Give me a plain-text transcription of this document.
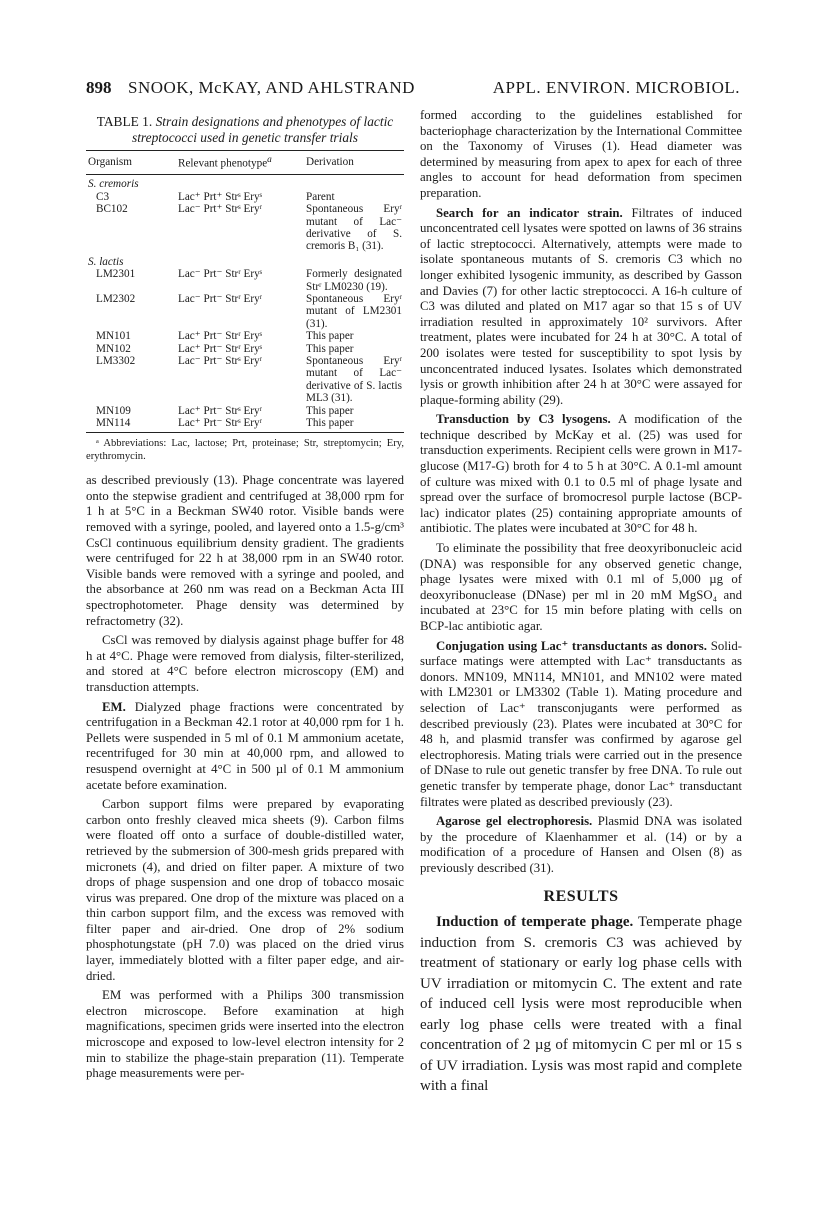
898 SNOOK, McKAY, AND AHLSTRAND	APPL. ENVIRON. MICROBIOL.
TABLE 1. Strain designations and phenotypes of lactic streptococci used in genetic transfer trials
Organism	Relevant phenotype$^a$	Derivation
S. cremoris		
C3	Lac⁺ Prt⁺ Strˢ Eryˢ	Parent
BC102	Lac⁻ Prt⁺ Strˢ Eryʳ	Spontaneous Eryʳ mutant of Lac⁻ derivative of S. cremoris B₁ (31).
S. lactis		
LM2301	Lac⁻ Prt⁻ Strʳ Eryˢ	Formerly designated Strʳ LM0230 (19).
LM2302	Lac⁻ Prt⁻ Strʳ Eryʳ	Spontaneous Eryʳ mutant of LM2301 (31).
MN101	Lac⁺ Prt⁻ Strʳ Eryˢ	This paper
MN102	Lac⁺ Prt⁻ Strʳ Eryˢ	This paper
LM3302	Lac⁻ Prt⁻ Strˢ Eryʳ	Spontaneous Eryʳ mutant of Lac⁻ derivative of S. lactis ML3 (31).
MN109	Lac⁺ Prt⁻ Strˢ Eryʳ	This paper
MN114	Lac⁺ Prt⁻ Strˢ Eryʳ	This paper
ᵃ Abbreviations: Lac, lactose; Prt, proteinase; Str, streptomycin; Ery, erythromycin.

as described previously (13). Phage concentrate was layered onto the stepwise gradient and centrifuged at 38,000 rpm for 1 h at 5°C in a Beckman SW40 rotor. Visible bands were removed with a syringe, pooled, and layered onto a 1.5-g/cm³ CsCl continuous equilibrium density gradient. The gradients were centrifuged for 22 h at 38,000 rpm in an SW40 rotor. Visible bands were removed with a syringe and pooled, and the absorbance at 260 nm was read on a Beckman Acta III spectrophotometer. Phage density was determined by refractometry (32).

CsCl was removed by dialysis against phage buffer for 48 h at 4°C. Phage were removed from dialysis, filter-sterilized, and stored at 4°C before electron microscopy (EM) and transduction attempts.

EM. Dialyzed phage fractions were concentrated by centrifugation in a Beckman 42.1 rotor at 40,000 rpm for 1 h. Pellets were suspended in 5 ml of 0.1 M ammonium acetate, recentrifuged for 30 min at 40,000 rpm, and allowed to resuspend overnight at 4°C in 500 µl of 0.1 M ammonium acetate before examination.

Carbon support films were prepared by evaporating carbon onto freshly cleaved mica sheets (9). Carbon films were floated off onto a surface of double-distilled water, retrieved by the submersion of 300-mesh grids prepared with micronets (4), and dried on filter paper. A mixture of two drops of phage suspension and one drop of tobacco mosaic virus was prepared. One drop of the mixture was placed on a thin carbon support film, and the excess was removed with filter paper and air-dried. One drop of 2% sodium phosphotungstate (pH 7.0) was placed on the dried virus layer, immediately blotted with a filter paper edge, and air-dried.

EM was performed with a Philips 300 transmission electron microscope. Before examination at high magnifications, specimen grids were inserted into the electron microscope and exposed to low-level electron intensity for 2 min to stabilize the phage-stain preparation (11). Temperate phage measurements were per-

formed according to the guidelines established for bacteriophage characterization by the International Committee on the Taxonomy of Viruses (1). Head diameter was determined by measuring from apex to apex for each of three angles to account for head deformation from specimen preparation.

Search for an indicator strain. Filtrates of induced unconcentrated cell lysates were spotted on lawns of 36 strains of lactic streptococci. Alternatively, attempts were made to isolate spontaneous mutants of S. cremoris C3 which no longer exhibited lysogenic immunity, as described by Gasson and Davies (7) for other lactic streptococci. A 16-h culture of C3 was diluted and plated on M17 agar so that 15 s of UV irradiation resulted in approximately 10² survivors. After treatment, plates were incubated for 24 h at 30°C. A total of 200 isolates were tested for susceptibility to spot lysis by unconcentrated induced lysates. Isolates which demonstrated lysis or growth inhibition after 24 h at 30°C were assayed for plaque-forming ability (29).

Transduction by C3 lysogens. A modification of the technique described by McKay et al. (25) was used for transduction experiments. Recipient cells were grown in M17-glucose (M17-G) broth for 4 to 5 h at 30°C. A 0.1-ml amount of culture was mixed with 0.1 to 0.5 ml of phage lysate and spread over the surface of bromocresol purple lactose (BCP-lac) indicator plates (25) containing appropriate amounts of antibiotic. The plates were incubated at 30°C for 48 h.

To eliminate the possibility that free deoxyribonucleic acid (DNA) was responsible for any observed genetic change, phage lysates were mixed with 0.1 ml of 5,000 µg of deoxyribonuclease (DNase) per ml in 20 mM MgSO₄ and incubated at 23°C for 15 min before plating with cells on BCP-lac antibiotic agar.

Conjugation using Lac⁺ transductants as donors. Solid-surface matings were attempted with Lac⁺ transductants as donors. MN109, MN114, MN101, and MN102 were mated with LM2301 or LM3302 (Table 1). Mating procedure and selection of Lac⁺ transconjugants were performed as described previously (23). Plates were incubated at 30°C for 48 h, and plasmid transfer was confirmed by agarose gel electrophoresis. Mating trials were carried out in the presence of DNase to rule out genetic transfer by free DNA. To rule out genetic transfer by temperate phage, donor Lac⁺ transductant filtrates were plated as described previously (23).

Agarose gel electrophoresis. Plasmid DNA was isolated by the procedure of Klaenhammer et al. (14) or by a modification of a procedure of Hansen and Olsen (8) as previously described (31).

RESULTS

Induction of temperate phage. Temperate phage induction from S. cremoris C3 was achieved by treatment of stationary or early log phase cells with UV irradiation or mitomycin C. The extent and rate of induced cell lysis were most reproducible when early log phase cells were treated with a final concentration of 2 µg of mitomycin C per ml or 15 s of UV irradiation. Lysis was most rapid and complete with a final
